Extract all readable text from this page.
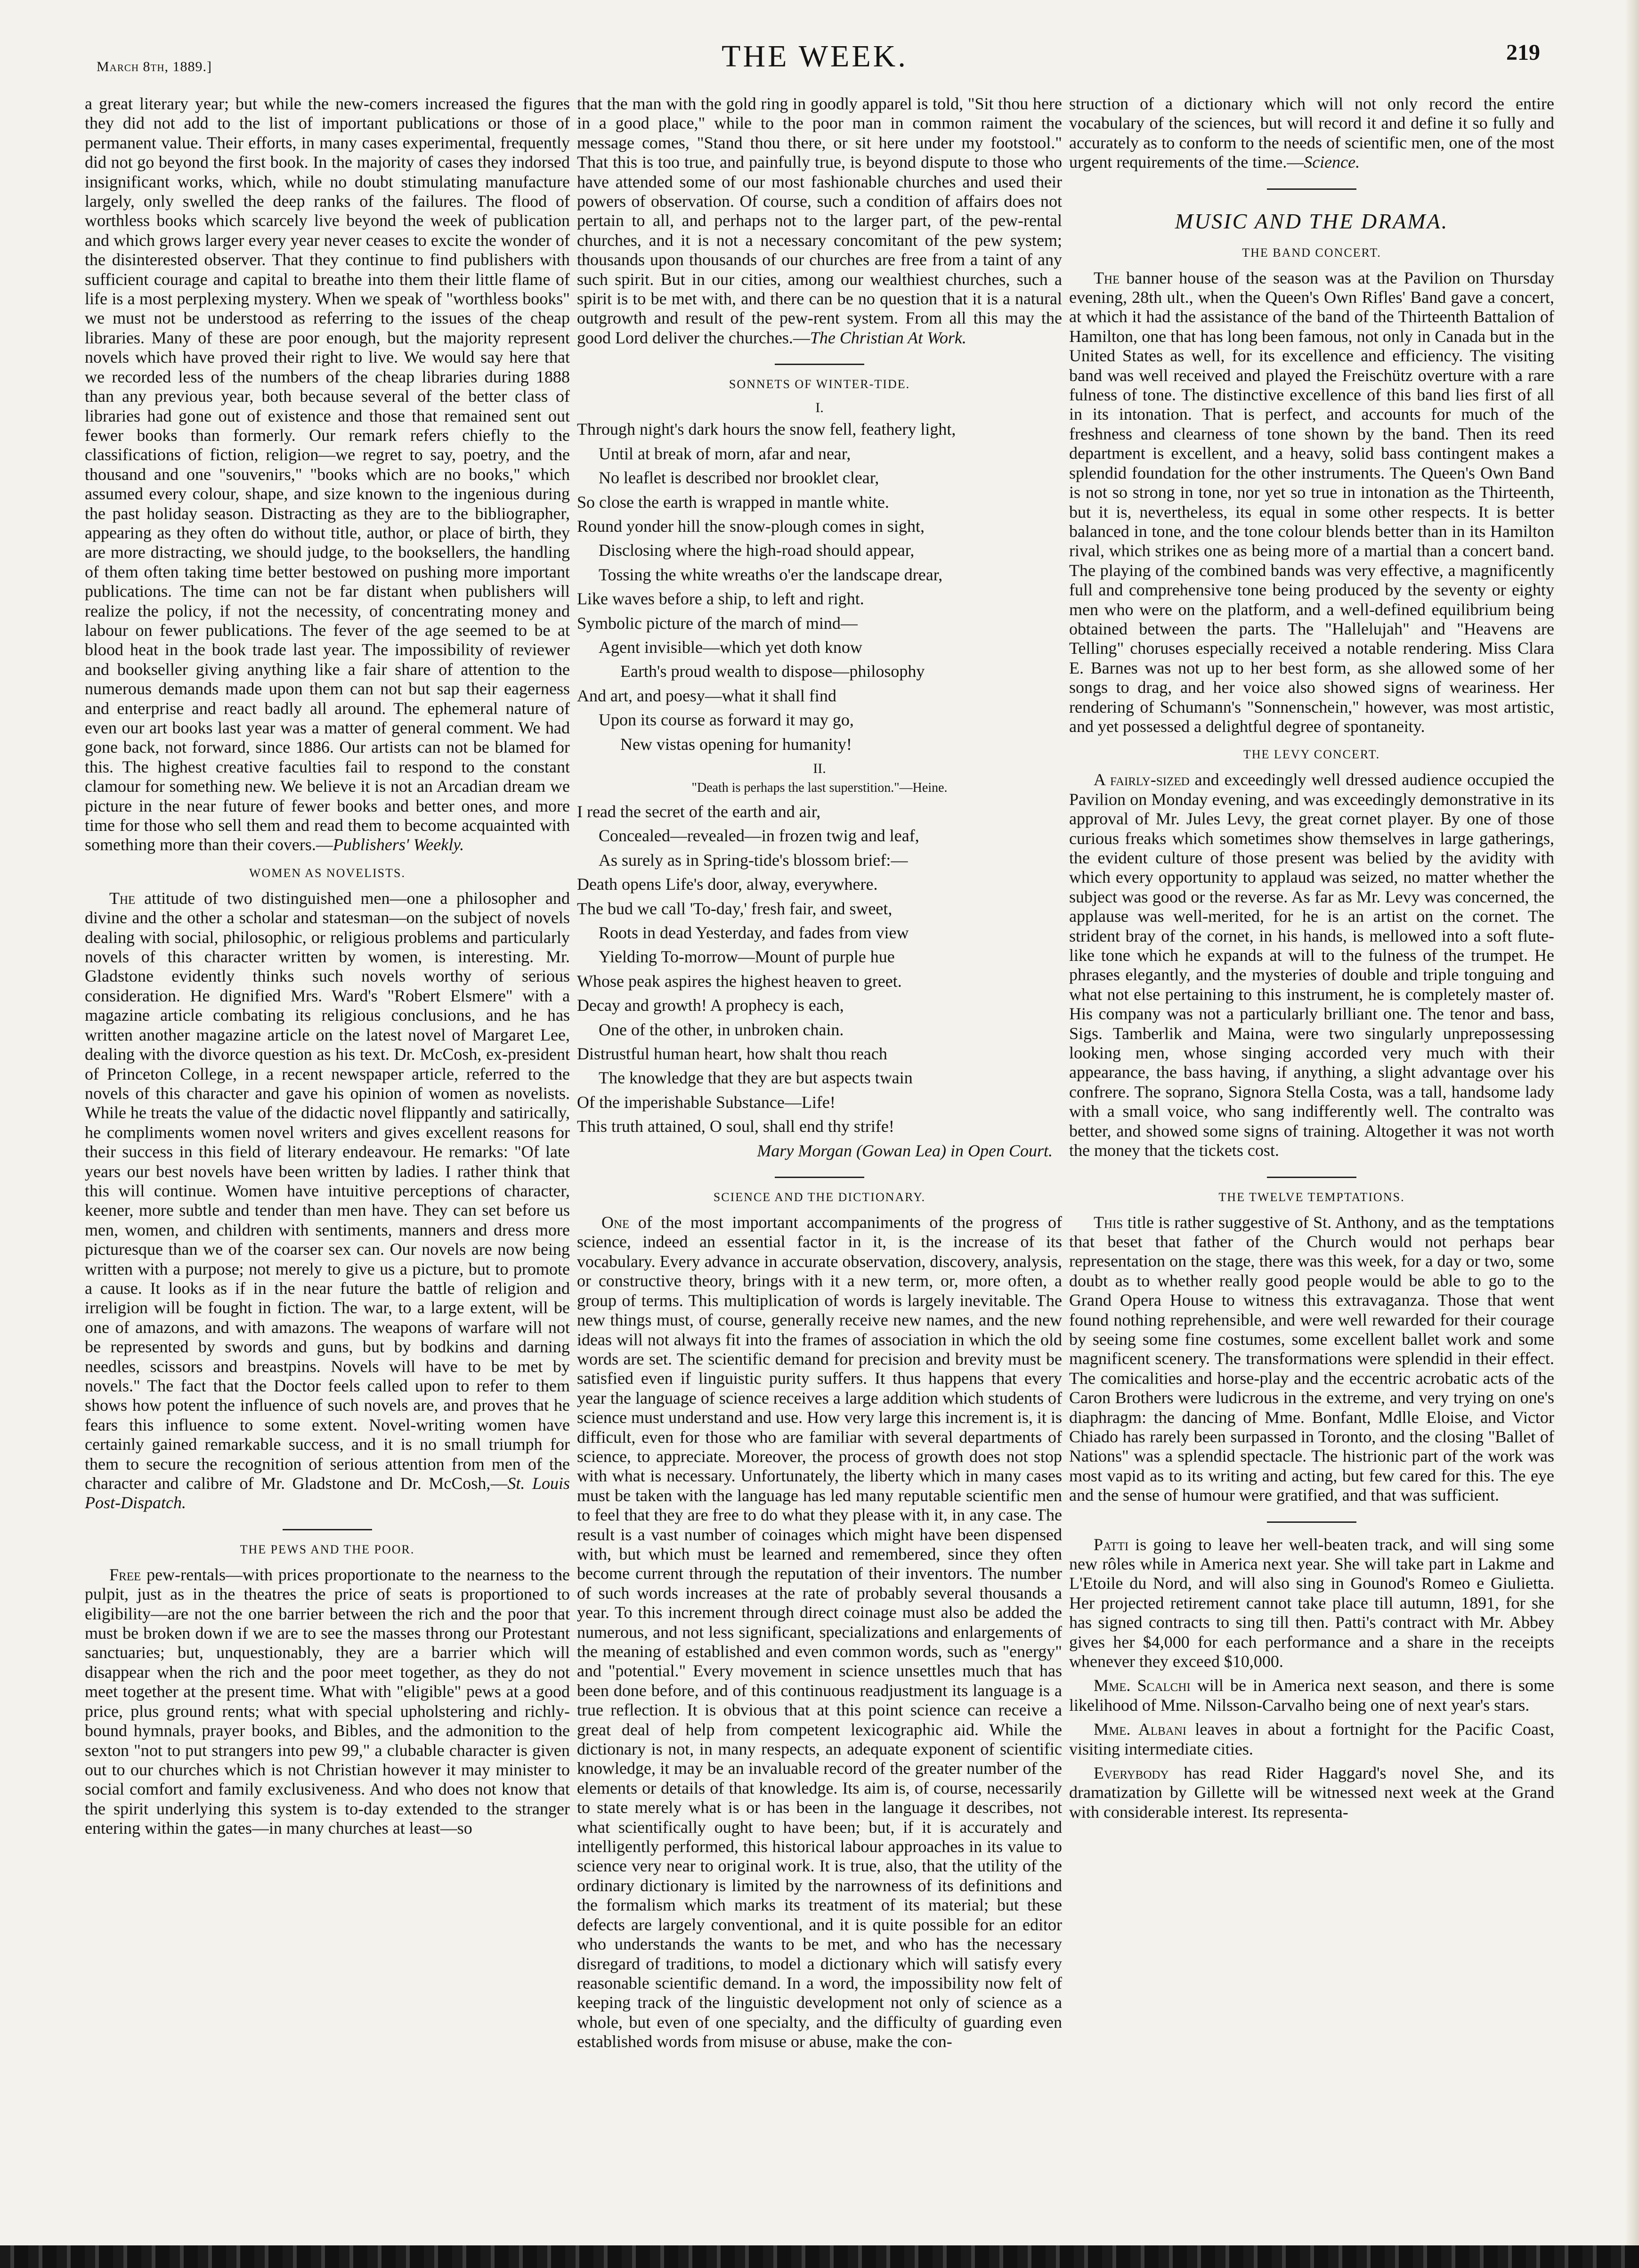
March 8th, 1889.]	THE WEEK.	219

a great literary year; but while the new-comers increased the figures they did not add to the list of important publications or those of permanent value. Their efforts, in many cases experimental, frequently did not go beyond the first book. In the majority of cases they indorsed insignificant works, which, while no doubt stimulating manufacture largely, only swelled the deep ranks of the failures. The flood of worthless books which scarcely live beyond the week of publication and which grows larger every year never ceases to excite the wonder of the disinterested observer. That they continue to find publishers with sufficient courage and capital to breathe into them their little flame of life is a most perplexing mystery. When we speak of "worthless books" we must not be understood as referring to the issues of the cheap libraries. Many of these are poor enough, but the majority represent novels which have proved their right to live. We would say here that we recorded less of the numbers of the cheap libraries during 1888 than any previous year, both because several of the better class of libraries had gone out of existence and those that remained sent out fewer books than formerly. Our remark refers chiefly to the classifications of fiction, religion—we regret to say, poetry, and the thousand and one "souvenirs," "books which are no books," which assumed every colour, shape, and size known to the ingenious during the past holiday season. Distracting as they are to the bibliographer, appearing as they often do without title, author, or place of birth, they are more distracting, we should judge, to the booksellers, the handling of them often taking time better bestowed on pushing more important publications. The time can not be far distant when publishers will realize the policy, if not the necessity, of concentrating money and labour on fewer publications. The fever of the age seemed to be at blood heat in the book trade last year. The impossibility of reviewer and bookseller giving anything like a fair share of attention to the numerous demands made upon them can not but sap their eagerness and enterprise and react badly all around. The ephemeral nature of even our art books last year was a matter of general comment. We had gone back, not forward, since 1886. Our artists can not be blamed for this. The highest creative faculties fail to respond to the constant clamour for something new. We believe it is not an Arcadian dream we picture in the near future of fewer books and better ones, and more time for those who sell them and read them to become acquainted with something more than their covers.—Publishers' Weekly.

WOMEN AS NOVELISTS.

The attitude of two distinguished men—one a philosopher and divine and the other a scholar and statesman—on the subject of novels dealing with social, philosophic, or religious problems and particularly novels of this character written by women, is interesting. Mr. Gladstone evidently thinks such novels worthy of serious consideration. He dignified Mrs. Ward's "Robert Elsmere" with a magazine article combating its religious conclusions, and he has written another magazine article on the latest novel of Margaret Lee, dealing with the divorce question as his text. Dr. McCosh, ex-president of Princeton College, in a recent newspaper article, referred to the novels of this character and gave his opinion of women as novelists. While he treats the value of the didactic novel flippantly and satirically, he compliments women novel writers and gives excellent reasons for their success in this field of literary endeavour. He remarks: "Of late years our best novels have been written by ladies. I rather think that this will continue. Women have intuitive perceptions of character, keener, more subtle and tender than men have. They can set before us men, women, and children with sentiments, manners and dress more picturesque than we of the coarser sex can. Our novels are now being written with a purpose; not merely to give us a picture, but to promote a cause. It looks as if in the near future the battle of religion and irreligion will be fought in fiction. The war, to a large extent, will be one of amazons, and with amazons. The weapons of warfare will not be represented by swords and guns, but by bodkins and darning needles, scissors and breastpins. Novels will have to be met by novels." The fact that the Doctor feels called upon to refer to them shows how potent the influence of such novels are, and proves that he fears this influence to some extent. Novel-writing women have certainly gained remarkable success, and it is no small triumph for them to secure the recognition of serious attention from men of the character and calibre of Mr. Gladstone and Dr. McCosh,—St. Louis Post-Dispatch.

THE PEWS AND THE POOR.

Free pew-rentals—with prices proportionate to the nearness to the pulpit, just as in the theatres the price of seats is proportioned to eligibility—are not the one barrier between the rich and the poor that must be broken down if we are to see the masses throng our Protestant sanctuaries; but, unquestionably, they are a barrier which will disappear when the rich and the poor meet together, as they do not meet together at the present time. What with "eligible" pews at a good price, plus ground rents; what with special upholstering and richly-bound hymnals, prayer books, and Bibles, and the admonition to the sexton "not to put strangers into pew 99," a clubable character is given out to our churches which is not Christian however it may minister to social comfort and family exclusiveness. And who does not know that the spirit underlying this system is to-day extended to the stranger entering within the gates—in many churches at least—so

that the man with the gold ring in goodly apparel is told, "Sit thou here in a good place," while to the poor man in common raiment the message comes, "Stand thou there, or sit here under my footstool." That this is too true, and painfully true, is beyond dispute to those who have attended some of our most fashionable churches and used their powers of observation. Of course, such a condition of affairs does not pertain to all, and perhaps not to the larger part, of the pew-rental churches, and it is not a necessary concomitant of the pew system; thousands upon thousands of our churches are free from a taint of any such spirit. But in our cities, among our wealthiest churches, such a spirit is to be met with, and there can be no question that it is a natural outgrowth and result of the pew-rent system. From all this may the good Lord deliver the churches.—The Christian At Work.

SONNETS OF WINTER-TIDE.
I.

Through night's dark hours the snow fell, feathery light,

Until at break of morn, afar and near,

No leaflet is described nor brooklet clear,

So close the earth is wrapped in mantle white.

Round yonder hill the snow-plough comes in sight,

Disclosing where the high-road should appear,

Tossing the white wreaths o'er the landscape drear,

Like waves before a ship, to left and right.

Symbolic picture of the march of mind—

Agent invisible—which yet doth know

Earth's proud wealth to dispose—philosophy

And art, and poesy—what it shall find

Upon its course as forward it may go,

New vistas opening for humanity!

II.
"Death is perhaps the last superstition."—Heine.

I read the secret of the earth and air,

Concealed—revealed—in frozen twig and leaf,

As surely as in Spring-tide's blossom brief:—

Death opens Life's door, alway, everywhere.

The bud we call 'To-day,' fresh fair, and sweet,

Roots in dead Yesterday, and fades from view

Yielding To-morrow—Mount of purple hue

Whose peak aspires the highest heaven to greet.

Decay and growth! A prophecy is each,

One of the other, in unbroken chain.

Distrustful human heart, how shalt thou reach

The knowledge that they are but aspects twain

Of the imperishable Substance—Life!

This truth attained, O soul, shall end thy strife!

Mary Morgan (Gowan Lea) in Open Court.

SCIENCE AND THE DICTIONARY.

One of the most important accompaniments of the progress of science, indeed an essential factor in it, is the increase of its vocabulary. Every advance in accurate observation, discovery, analysis, or constructive theory, brings with it a new term, or, more often, a group of terms. This multiplication of words is largely inevitable. The new things must, of course, generally receive new names, and the new ideas will not always fit into the frames of association in which the old words are set. The scientific demand for precision and brevity must be satisfied even if linguistic purity suffers. It thus happens that every year the language of science receives a large addition which students of science must understand and use. How very large this increment is, it is difficult, even for those who are familiar with several departments of science, to appreciate. Moreover, the process of growth does not stop with what is necessary. Unfortunately, the liberty which in many cases must be taken with the language has led many reputable scientific men to feel that they are free to do what they please with it, in any case. The result is a vast number of coinages which might have been dispensed with, but which must be learned and remembered, since they often become current through the reputation of their inventors. The number of such words increases at the rate of probably several thousands a year. To this increment through direct coinage must also be added the numerous, and not less significant, specializations and enlargements of the meaning of established and even common words, such as "energy" and "potential." Every movement in science unsettles much that has been done before, and of this continuous readjustment its language is a true reflection. It is obvious that at this point science can receive a great deal of help from competent lexicographic aid. While the dictionary is not, in many respects, an adequate exponent of scientific knowledge, it may be an invaluable record of the greater number of the elements or details of that knowledge. Its aim is, of course, necessarily to state merely what is or has been in the language it describes, not what scientifically ought to have been; but, if it is accurately and intelligently performed, this historical labour approaches in its value to science very near to original work. It is true, also, that the utility of the ordinary dictionary is limited by the narrowness of its definitions and the formalism which marks its treatment of its material; but these defects are largely conventional, and it is quite possible for an editor who understands the wants to be met, and who has the necessary disregard of traditions, to model a dictionary which will satisfy every reasonable scientific demand. In a word, the impossibility now felt of keeping track of the linguistic development not only of science as a whole, but even of one specialty, and the difficulty of guarding even established words from misuse or abuse, make the con-

struction of a dictionary which will not only record the entire vocabulary of the sciences, but will record it and define it so fully and accurately as to conform to the needs of scientific men, one of the most urgent requirements of the time.—Science.

MUSIC AND THE DRAMA.
THE BAND CONCERT.

The banner house of the season was at the Pavilion on Thursday evening, 28th ult., when the Queen's Own Rifles' Band gave a concert, at which it had the assistance of the band of the Thirteenth Battalion of Hamilton, one that has long been famous, not only in Canada but in the United States as well, for its excellence and efficiency. The visiting band was well received and played the Freischütz overture with a rare fulness of tone. The distinctive excellence of this band lies first of all in its intonation. That is perfect, and accounts for much of the freshness and clearness of tone shown by the band. Then its reed department is excellent, and a heavy, solid bass contingent makes a splendid foundation for the other instruments. The Queen's Own Band is not so strong in tone, nor yet so true in intonation as the Thirteenth, but it is, nevertheless, its equal in some other respects. It is better balanced in tone, and the tone colour blends better than in its Hamilton rival, which strikes one as being more of a martial than a concert band. The playing of the combined bands was very effective, a magnificently full and comprehensive tone being produced by the seventy or eighty men who were on the platform, and a well-defined equilibrium being obtained between the parts. The "Hallelujah" and "Heavens are Telling" choruses especially received a notable rendering. Miss Clara E. Barnes was not up to her best form, as she allowed some of her songs to drag, and her voice also showed signs of weariness. Her rendering of Schumann's "Sonnenschein," however, was most artistic, and yet possessed a delightful degree of spontaneity.

THE LEVY CONCERT.

A fairly-sized and exceedingly well dressed audience occupied the Pavilion on Monday evening, and was exceedingly demonstrative in its approval of Mr. Jules Levy, the great cornet player. By one of those curious freaks which sometimes show themselves in large gatherings, the evident culture of those present was belied by the avidity with which every opportunity to applaud was seized, no matter whether the subject was good or the reverse. As far as Mr. Levy was concerned, the applause was well-merited, for he is an artist on the cornet. The strident bray of the cornet, in his hands, is mellowed into a soft flute-like tone which he expands at will to the fulness of the trumpet. He phrases elegantly, and the mysteries of double and triple tonguing and what not else pertaining to this instrument, he is completely master of. His company was not a particularly brilliant one. The tenor and bass, Sigs. Tamberlik and Maina, were two singularly unprepossessing looking men, whose singing accorded very much with their appearance, the bass having, if anything, a slight advantage over his confrere. The soprano, Signora Stella Costa, was a tall, handsome lady with a small voice, who sang indifferently well. The contralto was better, and showed some signs of training. Altogether it was not worth the money that the tickets cost.

THE TWELVE TEMPTATIONS.

This title is rather suggestive of St. Anthony, and as the temptations that beset that father of the Church would not perhaps bear representation on the stage, there was this week, for a day or two, some doubt as to whether really good people would be able to go to the Grand Opera House to witness this extravaganza. Those that went found nothing reprehensible, and were well rewarded for their courage by seeing some fine costumes, some excellent ballet work and some magnificent scenery. The transformations were splendid in their effect. The comicalities and horse-play and the eccentric acrobatic acts of the Caron Brothers were ludicrous in the extreme, and very trying on one's diaphragm: the dancing of Mme. Bonfant, Mdlle Eloise, and Victor Chiado has rarely been surpassed in Toronto, and the closing "Ballet of Nations" was a splendid spectacle. The histrionic part of the work was most vapid as to its writing and acting, but few cared for this. The eye and the sense of humour were gratified, and that was sufficient.

Patti is going to leave her well-beaten track, and will sing some new rôles while in America next year. She will take part in Lakme and L'Etoile du Nord, and will also sing in Gounod's Romeo e Giulietta. Her projected retirement cannot take place till autumn, 1891, for she has signed contracts to sing till then. Patti's contract with Mr. Abbey gives her $4,000 for each performance and a share in the receipts whenever they exceed $10,000.

Mme. Scalchi will be in America next season, and there is some likelihood of Mme. Nilsson-Carvalho being one of next year's stars.

Mme. Albani leaves in about a fortnight for the Pacific Coast, visiting intermediate cities.

Everybody has read Rider Haggard's novel She, and its dramatization by Gillette will be witnessed next week at the Grand with considerable interest. Its representa-
